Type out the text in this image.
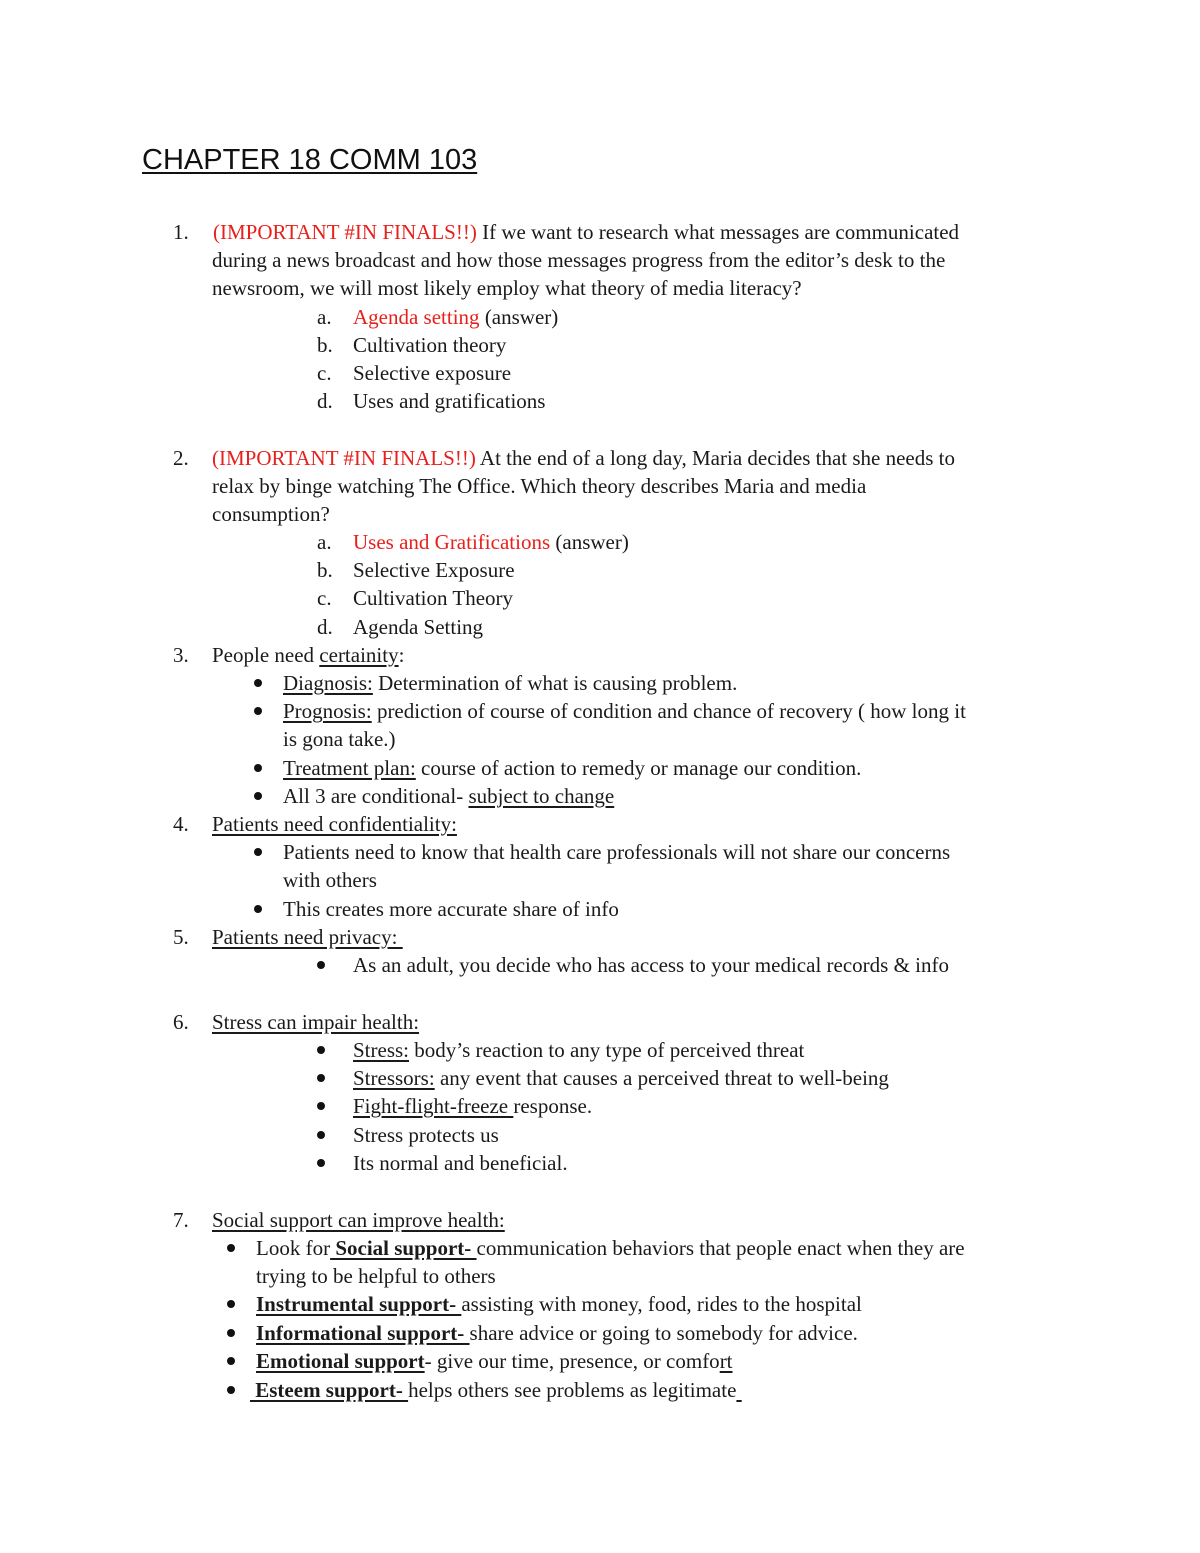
CHAPTER 18 COMM 103
1. (IMPORTANT #IN FINALS!!) If we want to research what messages are communicated
during a news broadcast and how those messages progress from the editor’s desk to the
newsroom, we will most likely employ what theory of media literacy?
a. Agenda setting (answer)
b. Cultivation theory
c. Selective exposure
d. Uses and gratifications
2. (IMPORTANT #IN FINALS!!) At the end of a long day, Maria decides that she needs to
relax by binge watching The Office. Which theory describes Maria and media
consumption?
a. Uses and Gratifications (answer)
b. Selective Exposure
c. Cultivation Theory
d. Agenda Setting
3. People need certainity:
Diagnosis: Determination of what is causing problem.
Prognosis: prediction of course of condition and chance of recovery ( how long it
is gona take.)
Treatment plan: course of action to remedy or manage our condition.
All 3 are conditional- subject to change
4. Patients need confidentiality:
Patients need to know that health care professionals will not share our concerns
with others
This creates more accurate share of info
5. Patients need privacy:
As an adult, you decide who has access to your medical records & info
6. Stress can impair health:
Stress: body’s reaction to any type of perceived threat
Stressors: any event that causes a perceived threat to well-being
Fight-flight-freeze response.
Stress protects us
Its normal and beneficial.
7. Social support can improve health:
Look for Social support- communication behaviors that people enact when they are
trying to be helpful to others
Instrumental support- assisting with money, food, rides to the hospital
Informational support- share advice or going to somebody for advice.
Emotional support- give our time, presence, or comfort
Esteem support- helps others see problems as legitimate
